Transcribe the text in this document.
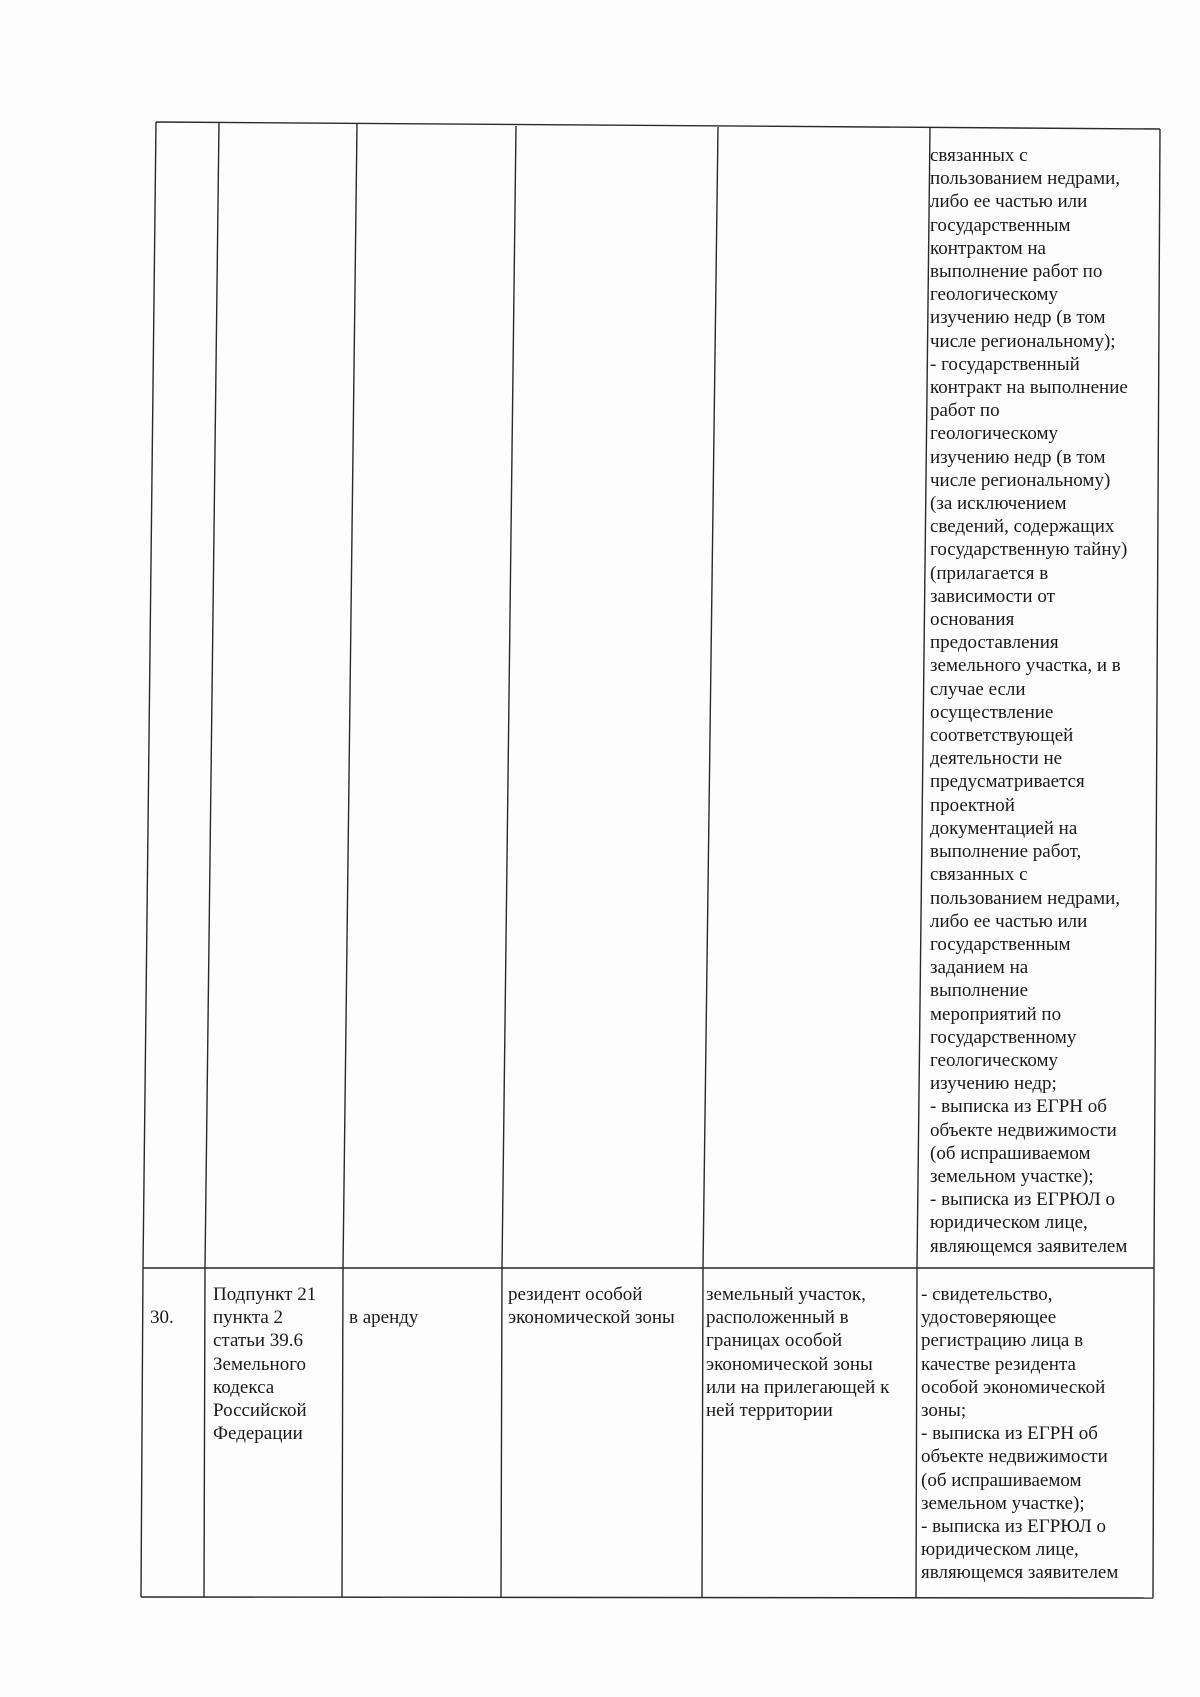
связанных с
пользованием недрами,
либо ее частью или
государственным
контрактом на
выполнение работ по
геологическому
изучению недр (в том
числе региональному);
- государственный
контракт на выполнение
работ по
геологическому
изучению недр (в том
числе региональному)
(за исключением
сведений, содержащих
государственную тайну)
(прилагается в
зависимости от
основания
предоставления
земельного участка, и в
случае если
осуществление
соответствующей
деятельности не
предусматривается
проектной
документацией на
выполнение работ,
связанных с
пользованием недрами,
либо ее частью или
государственным
заданием на
выполнение
мероприятий по
государственному
геологическому
изучению недр;
- выписка из ЕГРН об
объекте недвижимости
(об испрашиваемом
земельном участке);
- выписка из ЕГРЮЛ о
юридическом лице,
являющемся заявителем

30.

Подпункт 21
пункта 2
статьи 39.6
Земельного
кодекса
Российской
Федерации

в аренду

резидент особой
экономической зоны
земельный участок,
расположенный в
границах особой
экономической зоны
или на прилегающей к
ней территории
- свидетельство,
удостоверяющее
регистрацию лица в
качестве резидента
особой экономической
зоны;
- выписка из ЕГРН об
объекте недвижимости
(об испрашиваемом
земельном участке);
- выписка из ЕГРЮЛ о
юридическом лице,
являющемся заявителем
